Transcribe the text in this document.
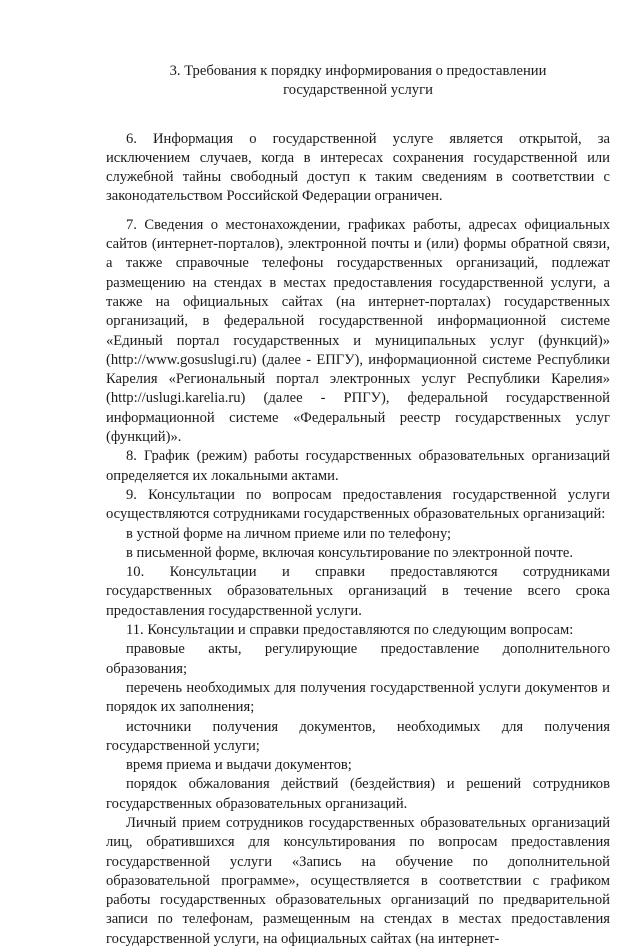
3. Требования к порядку информирования о предоставлении
государственной услуги

6. Информация о государственной услуге является открытой, за исключением случаев, когда в интересах сохранения государственной или служебной тайны свободный доступ к таким сведениям в соответствии с законодательством Российской Федерации ограничен.

7. Сведения о местонахождении, графиках работы, адресах официальных сайтов (интернет-порталов), электронной почты и (или) формы обратной связи, а также справочные телефоны государственных организаций, подлежат размещению на стендах в местах предоставления государственной услуги, а также на официальных сайтах (на интернет-порталах) государственных организаций, в федеральной государственной информационной системе «Единый портал государственных и муниципальных услуг (функций)» (http://www.gosuslugi.ru) (далее - ЕПГУ), информационной системе Республики Карелия «Региональный портал электронных услуг Республики Карелия» (http://uslugi.karelia.ru) (далее - РПГУ), федеральной государственной информационной системе «Федеральный реестр государственных услуг (функций)».

8. График (режим) работы государственных образовательных организаций определяется их локальными актами.

9. Консультации по вопросам предоставления государственной услуги осуществляются сотрудниками государственных образовательных организаций:

в устной форме на личном приеме или по телефону;

в письменной форме, включая консультирование по электронной почте.

10. Консультации и справки предоставляются сотрудниками государственных образовательных организаций в течение всего срока предоставления государственной услуги.

11. Консультации и справки предоставляются по следующим вопросам:

правовые акты, регулирующие предоставление дополнительного образования;

перечень необходимых для получения государственной услуги документов и порядок их заполнения;

источники получения документов, необходимых для получения государственной услуги;

время приема и выдачи документов;

порядок обжалования действий (бездействия) и решений сотрудников государственных образовательных организаций.

Личный прием сотрудников государственных образовательных организаций лиц, обратившихся для консультирования по вопросам предоставления государственной услуги «Запись на обучение по дополнительной образовательной программе», осуществляется в соответствии с графиком работы государственных образовательных организаций по предварительной записи по телефонам, размещенным на стендах в местах предоставления государственной услуги, на официальных сайтах (на интернет-
